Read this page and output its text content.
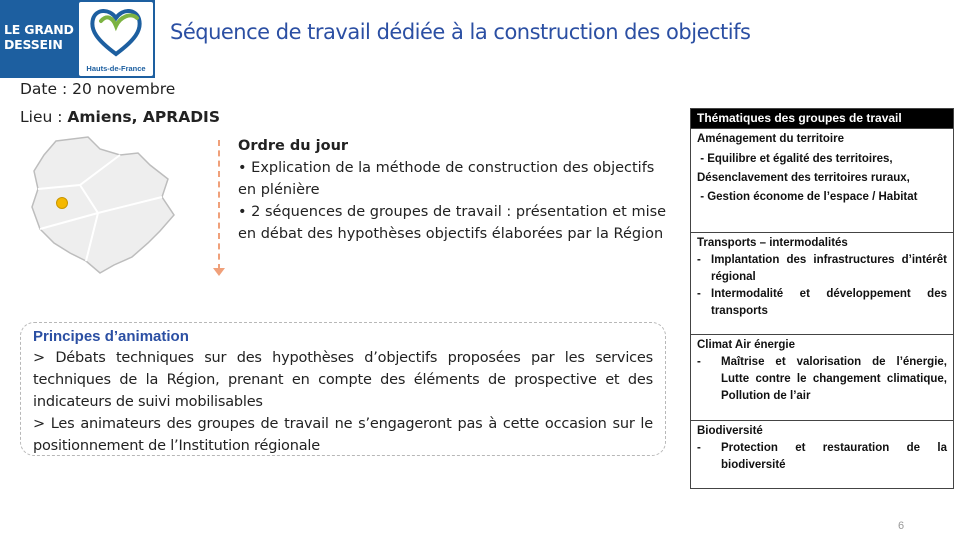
LE GRAND
DESSEIN
Hauts-de-France
Séquence de travail dédiée à la construction des objectifs
Date : 20 novembre
Lieu : Amiens, APRADIS
Ordre du jour
• Explication de la méthode de construction des objectifs en plénière
• 2 séquences de groupes de travail : présentation et mise en débat des hypothèses objectifs élaborées par la Région
Principes d’animation

> Débats techniques sur des hypothèses d’objectifs proposées par les services techniques de la Région, prenant en compte des éléments de prospective et des indicateurs de suivi mobilisables

> Les animateurs des groupes de travail ne s’engageront pas à cette occasion sur le positionnement de l’Institution régionale

Thématiques des groupes de travail
Aménagement du territoire
- Equilibre et égalité des territoires,
Désenclavement des territoires ruraux,
- Gestion économe de l’espace / Habitat
Transports – intermodalités
- Implantation des infrastructures d’intérêt régional
- Intermodalité et développement des transports
Climat Air énergie
-	Maîtrise et valorisation de l’énergie, Lutte contre le changement climatique, Pollution de l’air
Biodiversité
-	Protection et restauration de la biodiversité
6
